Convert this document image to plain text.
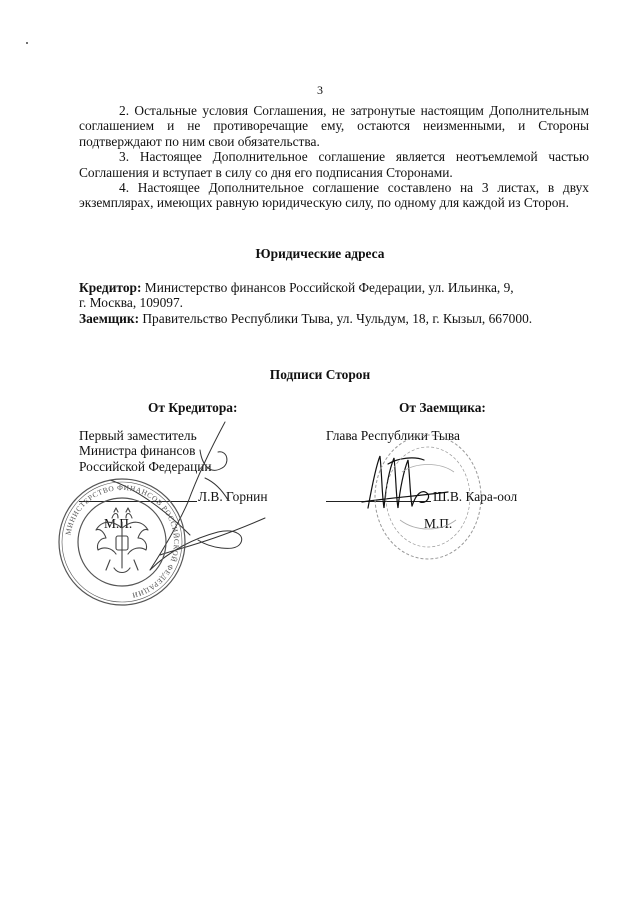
3

2. Остальные условия Соглашения, не затронутые настоящим Дополнительным соглашением и не противоречащие ему, остаются неизменными, и Стороны подтверждают по ним свои обязательства.

3. Настоящее Дополнительное соглашение является неотъемлемой частью Соглашения и вступает в силу со дня его подписания Сторонами.

4. Настоящее Дополнительное соглашение составлено на 3 листах, в двух экземплярах, имеющих равную юридическую силу, по одному для каждой из Сторон.

Юридические адреса

Кредитор: Министерство финансов Российской Федерации, ул. Ильинка, 9,
г. Москва, 109097.

Заемщик: Правительство Республики Тыва, ул. Чульдум, 18, г. Кызыл, 667000.

Подписи Сторон
От Кредитора:

Первый заместитель
Министра финансов
Российской Федерации

Л.В. Горнин
М.П.
От Заемщика:
Глава Республики Тыва
Ш.В. Кара-оол
М.П.
МИНИСТЕРСТВО ФИНАНСОВ РОССИЙСКОЙ ФЕДЕРАЦИИ
